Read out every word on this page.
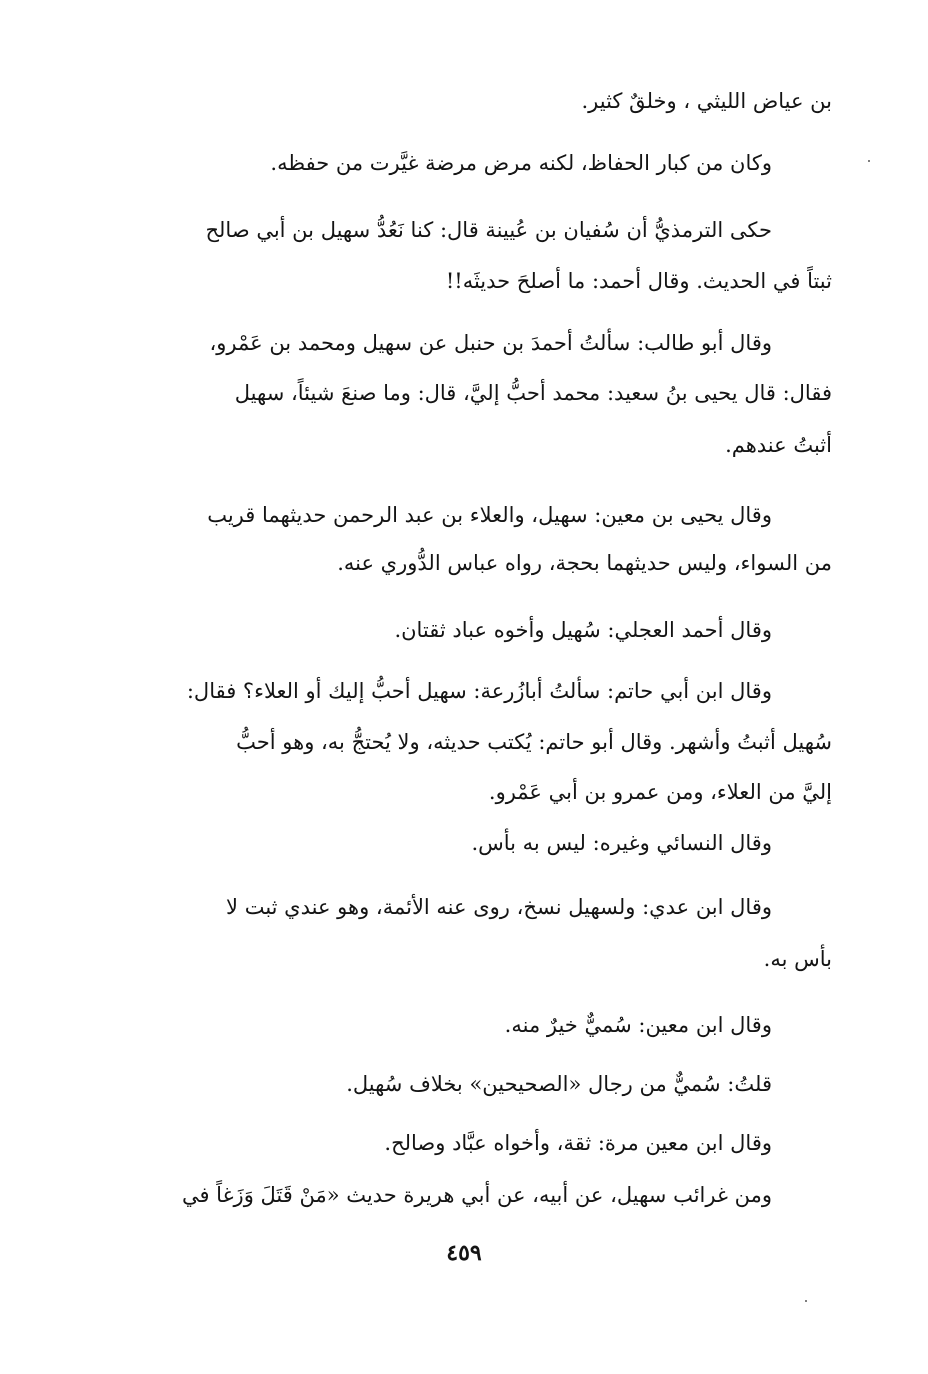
بن عياض الليثي ، وخلقٌ كثير.

وكان من كبار الحفاظ، لكنه مرض مرضة غيَّرت من حفظه.

حكى الترمذيُّ أن سُفيان بن عُيينة قال: كنا نَعُدُّ سهيل بن أبي صالح

ثبتاً في الحديث. وقال أحمد: ما أصلحَ حديثَه!!

وقال أبو طالب: سألتُ أحمدَ بن حنبل عن سهيل ومحمد بن عَمْرو،

فقال: قال يحيى بنُ سعيد: محمد أحبُّ إليَّ، قال: وما صنعَ شيئاً، سهيل

أثبتُ عندهم.

وقال يحيى بن معين: سهيل، والعلاء بن عبد الرحمن حديثهما قريب

من السواء، وليس حديثهما بحجة، رواه عباس الدُّوري عنه.

وقال أحمد العجلي: سُهيل وأخوه عباد ثقتان.

وقال ابن أبي حاتم: سألتُ أبازُرعة: سهيل أحبُّ إليك أو العلاء؟ فقال:

سُهيل أثبتُ وأشهر. وقال أبو حاتم: يُكتب حديثه، ولا يُحتجُّ به، وهو أحبُّ

إليَّ من العلاء، ومن عمرو بن أبي عَمْرو.

وقال النسائي وغيره: ليس به بأس.

وقال ابن عدي: ولسهيل نسخ، روى عنه الأئمة، وهو عندي ثبت لا

بأس به.

وقال ابن معين: سُميٌّ خيرٌ منه.

قلتُ: سُميٌّ من رجال «الصحيحين» بخلاف سُهيل.

وقال ابن معين مرة: ثقة، وأخواه عبَّاد وصالح.

ومن غرائب سهيل، عن أبيه، عن أبي هريرة حديث «مَنْ قَتَلَ وَزَغاً في

٤٥٩
